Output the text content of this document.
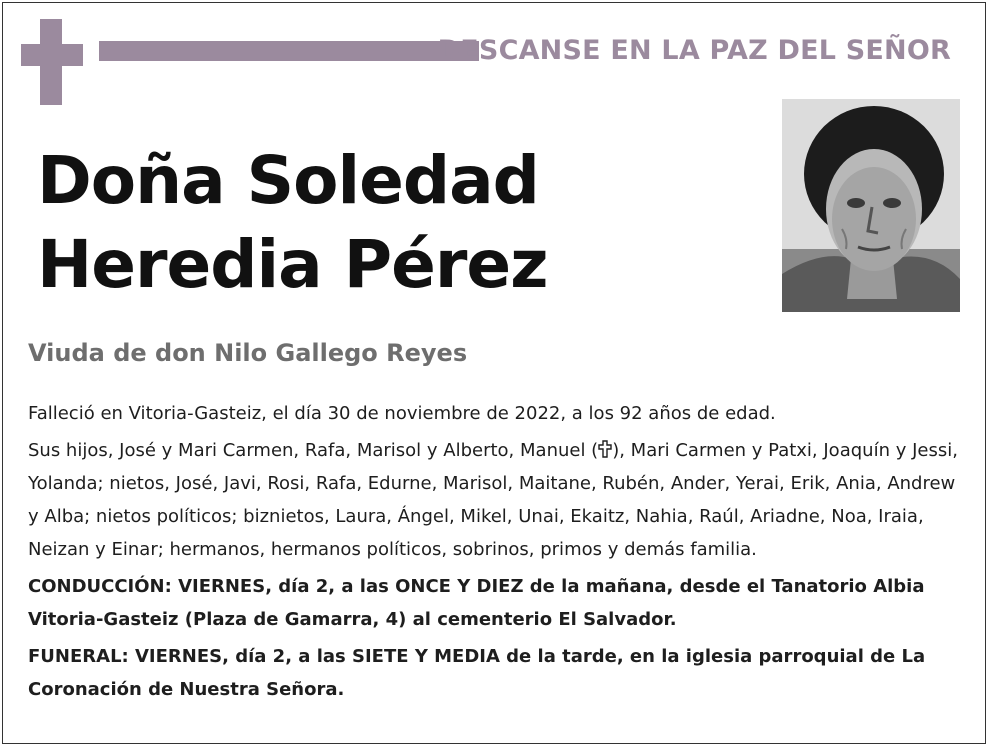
DESCANSE EN LA PAZ DEL SEÑOR
Doña Soledad
Heredia Pérez
Viuda de don Nilo Gallego Reyes

Falleció en Vitoria-Gasteiz, el día 30 de noviembre de 2022, a los 92 años de edad.

Sus hijos, José y Mari Carmen, Rafa, Marisol y Alberto, Manuel ( ), Mari Carmen y Patxi, Joaquín y Jessi, Yolanda; nietos, José, Javi, Rosi, Rafa, Edurne, Marisol, Maitane, Rubén, Ander, Yerai, Erik, Ania, Andrew y Alba; nietos políticos; biznietos, Laura, Ángel, Mikel, Unai, Ekaitz, Nahia, Raúl, Ariadne, Noa, Iraia, Neizan y Einar; hermanos, hermanos políticos, sobrinos, primos y demás familia.

CONDUCCIÓN: VIERNES, día 2, a las ONCE Y DIEZ de la mañana, desde el Tanatorio Albia Vitoria-Gasteiz (Plaza de Gamarra, 4) al cementerio El Salvador.

FUNERAL: VIERNES, día 2, a las SIETE Y MEDIA de la tarde, en la iglesia parroquial de La Coronación de Nuestra Señora.
